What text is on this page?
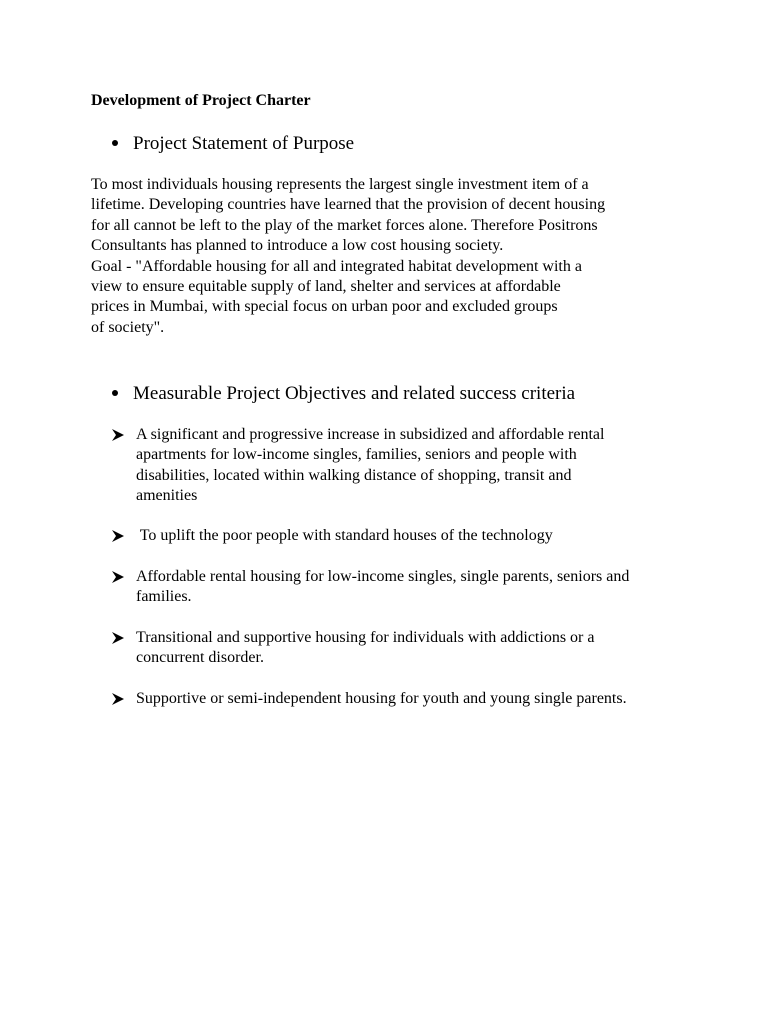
Development of Project Charter
Project Statement of Purpose

To most individuals housing represents the largest single investment item of a
lifetime. Developing countries have learned that the provision of decent housing
for all cannot be left to the play of the market forces alone. Therefore Positrons
Consultants has planned to introduce a low cost housing society.
Goal - "Affordable housing for all and integrated habitat development with a
view to ensure equitable supply of land, shelter and services at affordable
prices in Mumbai, with special focus on urban poor and excluded groups
of society".

Measurable Project Objectives and related success criteria
A significant and progressive increase in subsidized and affordable rental
apartments for low-income singles, families, seniors and people with
disabilities, located within walking distance of shopping, transit and
amenities
To uplift the poor people with standard houses of the technology
Affordable rental housing for low-income singles, single parents, seniors and
families.
Transitional and supportive housing for individuals with addictions or a
concurrent disorder.
Supportive or semi-independent housing for youth and young single parents.
